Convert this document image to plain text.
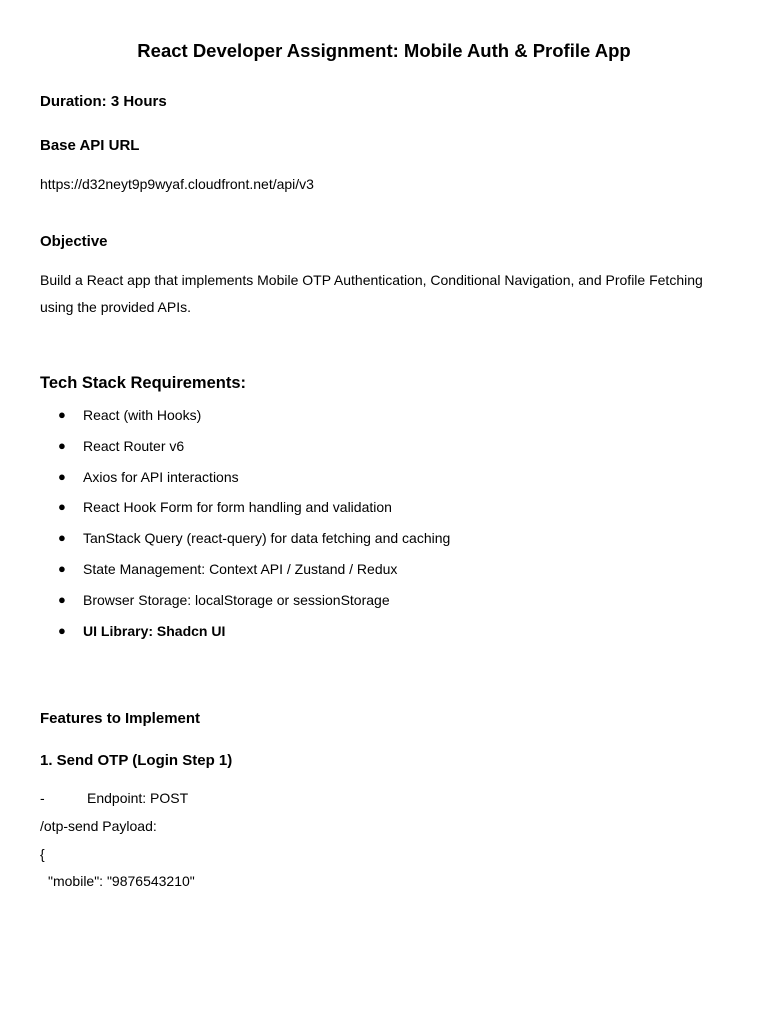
React Developer Assignment: Mobile Auth & Profile App
Duration: 3 Hours
Base API URL
https://d32neyt9p9wyaf.cloudfront.net/api/v3
Objective
Build a React app that implements Mobile OTP Authentication, Conditional Navigation, and Profile Fetching using the provided APIs.
Tech Stack Requirements:
● React (with Hooks)
● React Router v6
● Axios for API interactions
● React Hook Form for form handling and validation
● TanStack Query (react-query) for data fetching and caching
● State Management: Context API / Zustand / Redux
● Browser Storage: localStorage or sessionStorage
● UI Library: Shadcn UI
Features to Implement
1. Send OTP (Login Step 1)
-	Endpoint: POST
/otp-send Payload:
{
"mobile": "9876543210"
